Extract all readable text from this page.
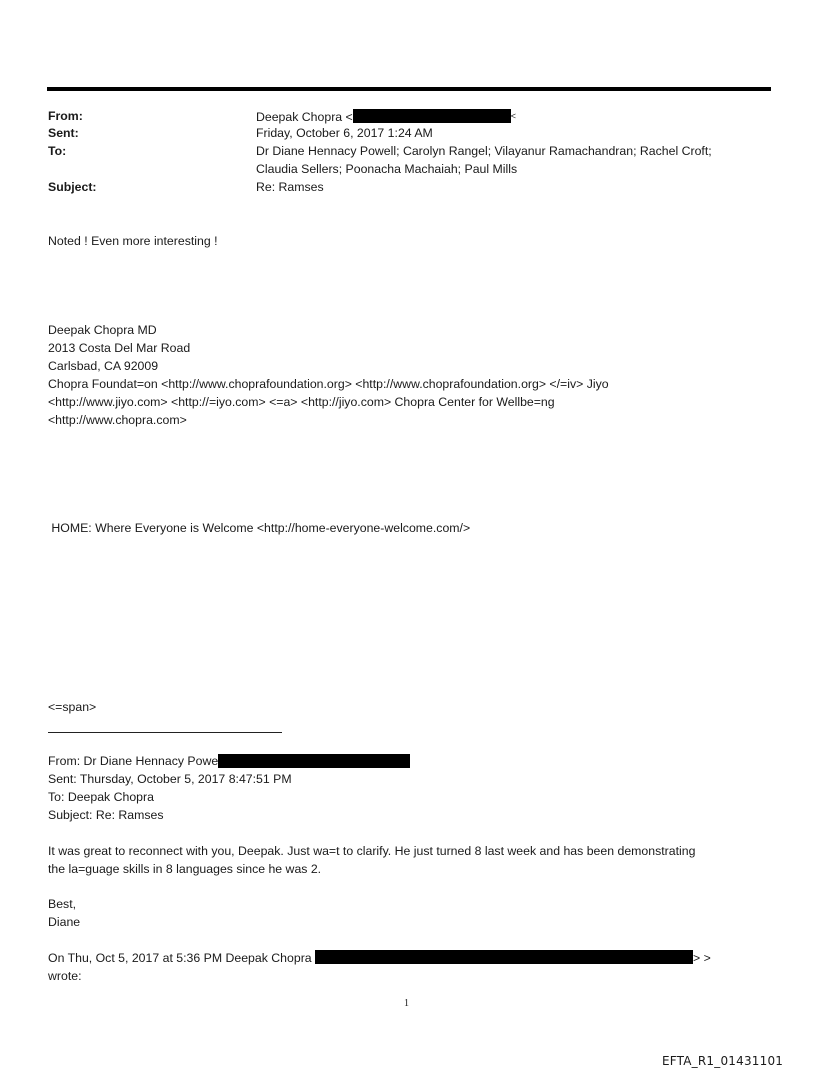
From:	Deepak Chopra <	<
Sent:	Friday, October 6, 2017 1:24 AM
To:	Dr Diane Hennacy Powell; Carolyn Rangel; Vilayanur Ramachandran; Rachel Croft;
Claudia Sellers; Poonacha Machaiah; Paul Mills
Subject:	Re: Ramses
Noted ! Even more interesting !
Deepak Chopra MD
2013 Costa Del Mar Road
Carlsbad, CA 92009
Chopra Foundat=on <http://www.choprafoundation.org> <http://www.choprafoundation.org> </=iv> Jiyo
<http://www.jiyo.com> <http://=iyo.com> <=a> <http://jiyo.com> Chopra Center for Wellbe=ng
<http://www.chopra.com>
HOME: Where Everyone is Welcome <http://home-everyone-welcome.com/>
<=span>
From: Dr Diane Hennacy Powe
Sent: Thursday, October 5, 2017 8:47:51 PM
To: Deepak Chopra
Subject: Re: Ramses
It was great to reconnect with you, Deepak. Just wa=t to clarify. He just turned 8 last week and has been demonstrating
the la=guage skills in 8 languages since he was 2.
Best,
Diane
On Thu, Oct 5, 2017 at 5:36 PM Deepak Chopra	> >
wrote:
1
EFTA_R1_01431101
